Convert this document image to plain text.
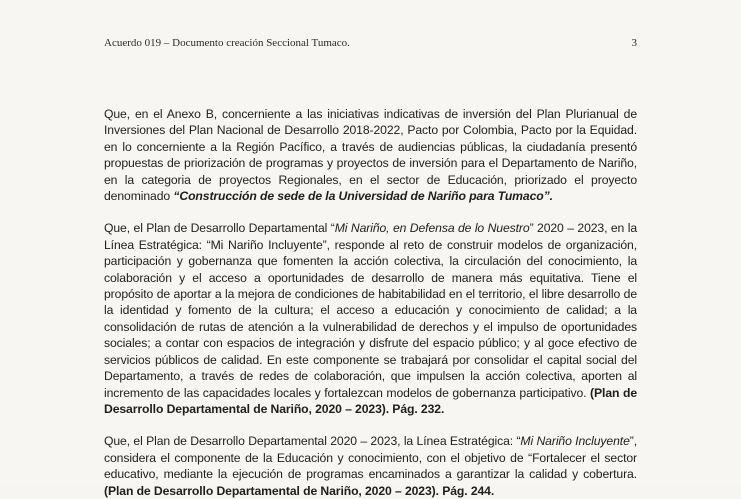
Acuerdo 019 – Documento creación Seccional Tumaco.	3

Que, en el Anexo B, concerniente a las iniciativas indicativas de inversión del Plan Plurianual de Inversiones del Plan Nacional de Desarrollo 2018-2022, Pacto por Colombia, Pacto por la Equidad. en lo concerniente a la Región Pacífico, a través de audiencias públicas, la ciudadanía presentó propuestas de priorización de programas y proyectos de inversión para el Departamento de Nariño, en la categoria de proyectos Regionales, en el sector de Educación, priorizado el proyecto denominado “Construcción de sede de la Universidad de Nariño para Tumaco”.

Que, el Plan de Desarrollo Departamental “Mi Nariño, en Defensa de lo Nuestro” 2020 – 2023, en la Línea Estratégica: “Mi Nariño Incluyente”, responde al reto de construir modelos de organización, participación y gobernanza que fomenten la acción colectiva, la circulación del conocimiento, la colaboración y el acceso a oportunidades de desarrollo de manera más equitativa. Tiene el propósito de aportar a la mejora de condiciones de habitabilidad en el territorio, el libre desarrollo de la identidad y fomento de la cultura; el acceso a educación y conocimiento de calidad; a la consolidación de rutas de atención a la vulnerabilidad de derechos y el impulso de oportunidades sociales; a contar con espacios de integración y disfrute del espacio público; y al goce efectivo de servicios públicos de calidad. En este componente se trabajará por consolidar el capital social del Departamento, a través de redes de colaboración, que impulsen la acción colectiva, aporten al incremento de las capacidades locales y fortalezcan modelos de gobernanza participativo. (Plan de Desarrollo Departamental de Nariño, 2020 – 2023). Pág. 232.

Que, el Plan de Desarrollo Departamental 2020 – 2023, la Línea Estratégica: “Mi Nariño Incluyente”, considera el componente de la Educación y conocimiento, con el objetivo de “Fortalecer el sector educativo, mediante la ejecución de programas encaminados a garantizar la calidad y cobertura. (Plan de Desarrollo Departamental de Nariño, 2020 – 2023). Pág. 244.
